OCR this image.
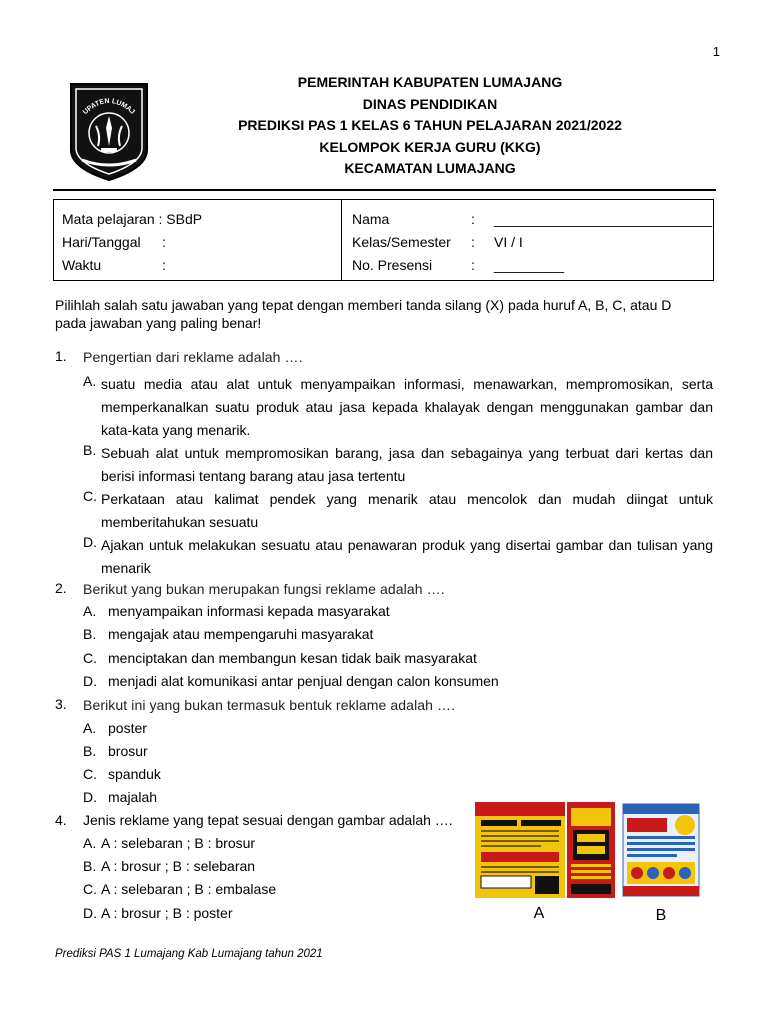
1
UPATEN LUMAJ
PEMERINTAH KABUPATEN LUMAJANG
DINAS PENDIDIKAN
PREDIKSI PAS 1 KELAS 6 TAHUN PELAJARAN 2021/2022
KELOMPOK KERJA GURU (KKG)
KECAMATAN LUMAJANG
Mata pelajaran : SBdP
Hari/Tanggal :
Waktu	:
Nama	: ____________________________
Kelas/Semester : VI / I
No. Presensi	: _________
Pilihlah salah satu jawaban yang tepat dengan memberi tanda silang (X) pada huruf A, B, C, atau D
pada jawaban yang paling benar!
1. Pengertian dari reklame adalah ….
A. suatu media atau alat untuk menyampaikan informasi, menawarkan, mempromosikan, serta
memperkanalkan suatu produk atau jasa kepada khalayak dengan menggunakan gambar dan
kata-kata yang menarik.
B. Sebuah alat untuk mempromosikan barang, jasa dan sebagainya yang terbuat dari kertas dan
berisi informasi tentang barang atau jasa tertentu
C. Perkataan atau kalimat pendek yang menarik atau mencolok dan mudah diingat untuk
memberitahukan sesuatu
D. Ajakan untuk melakukan sesuatu atau penawaran produk yang disertai gambar dan tulisan yang
menarik
2. Berikut yang bukan merupakan fungsi reklame adalah ….
A. menyampaikan informasi kepada masyarakat
B. mengajak atau mempengaruhi masyarakat
C. menciptakan dan membangun kesan tidak baik masyarakat
D. menjadi alat komunikasi antar penjual dengan calon konsumen
3. Berikut ini yang bukan termasuk bentuk reklame adalah ….
A. poster
B. brosur
C. spanduk
D. majalah
4. Jenis reklame yang tepat sesuai dengan gambar adalah ….
A. A : selebaran ; B : brosur
B. A : brosur ; B : selebaran
C. A : selebaran ; B : embalase
D. A : brosur ; B : poster	A	B
Prediksi PAS 1 Lumajang Kab Lumajang tahun 2021
